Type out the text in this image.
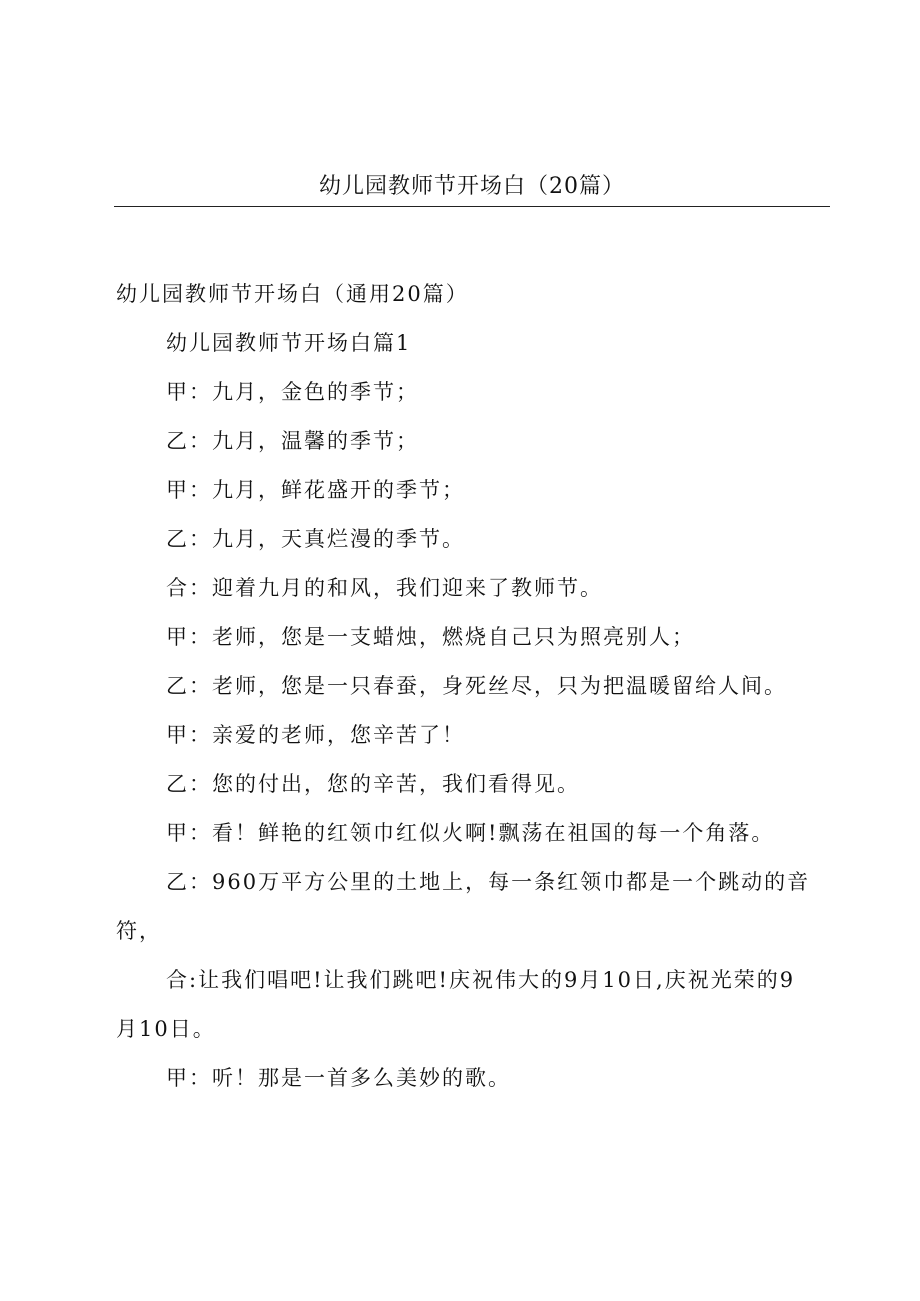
幼儿园教师节开场白（20篇）

幼儿园教师节开场白（通用20篇）

幼儿园教师节开场白篇1

甲：九月，金色的季节；

乙：九月，温馨的季节；

甲：九月，鲜花盛开的季节；

乙：九月，天真烂漫的季节。

合：迎着九月的和风，我们迎来了教师节。

甲：老师，您是一支蜡烛，燃烧自己只为照亮别人；

乙：老师，您是一只春蚕，身死丝尽，只为把温暖留给人间。

甲：亲爱的老师，您辛苦了！

乙：您的付出，您的辛苦，我们看得见。

甲：看！鲜艳的红领巾红似火啊!飘荡在祖国的每一个角落。

乙：960万平方公里的土地上，每一条红领巾都是一个跳动的音符，

合:让我们唱吧!让我们跳吧!庆祝伟大的9月10日,庆祝光荣的9月10日。

甲：听！那是一首多么美妙的歌。
